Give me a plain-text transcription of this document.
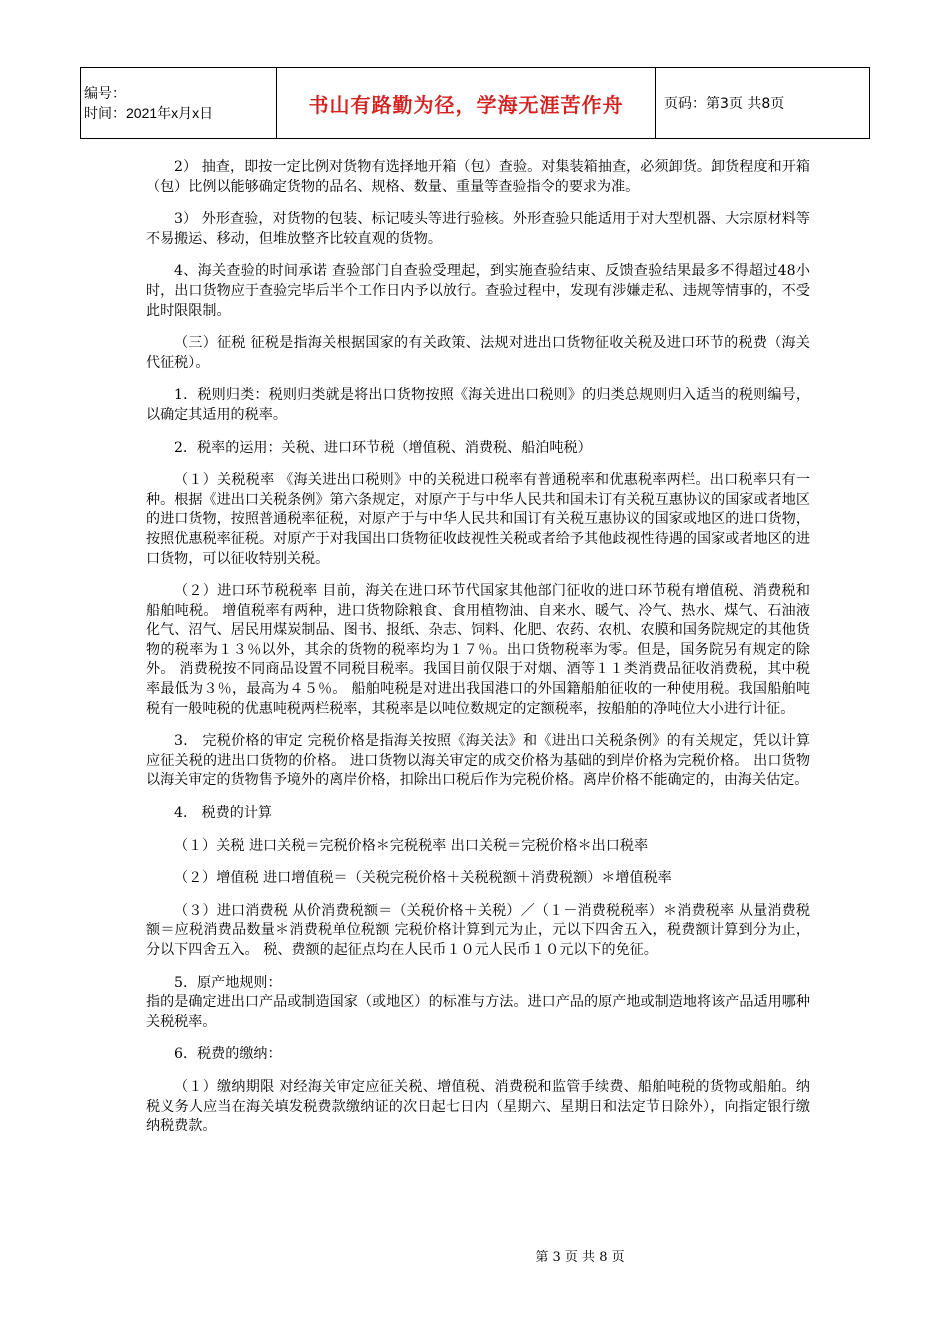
编号：
时间：2021年x月x日	书山有路勤为径，学海无涯苦作舟	页码：第3页 共8页

2） 抽查，即按一定比例对货物有选择地开箱（包）查验。对集装箱抽查，必须卸货。卸货程度和开箱（包）比例以能够确定货物的品名、规格、数量、重量等查验指令的要求为准。

3） 外形查验，对货物的包装、标记唛头等进行验核。外形查验只能适用于对大型机器、大宗原材料等不易搬运、移动，但堆放整齐比较直观的货物。

4、海关查验的时间承诺 查验部门自查验受理起，到实施查验结束、反馈查验结果最多不得超过48小时，出口货物应于查验完毕后半个工作日内予以放行。查验过程中，发现有涉嫌走私、违规等情事的，不受此时限限制。

（三）征税 征税是指海关根据国家的有关政策、法规对进出口货物征收关税及进口环节的税费（海关代征税）。

1．税则归类：税则归类就是将出口货物按照《海关进出口税则》的归类总规则归入适当的税则编号，以确定其适用的税率。

2．税率的运用：关税、进口环节税（增值税、消费税、船泊吨税）

（１）关税税率 《海关进出口税则》中的关税进口税率有普通税率和优惠税率两栏。出口税率只有一种。根据《进出口关税条例》第六条规定，对原产于与中华人民共和国未订有关税互惠协议的国家或者地区的进口货物，按照普通税率征税，对原产于与中华人民共和国订有关税互惠协议的国家或地区的进口货物，按照优惠税率征税。对原产于对我国出口货物征收歧视性关税或者给予其他歧视性待遇的国家或者地区的进口货物，可以征收特别关税。

（２）进口环节税税率 目前，海关在进口环节代国家其他部门征收的进口环节税有增值税、消费税和船舶吨税。 增值税率有两种，进口货物除粮食、食用植物油、自来水、暖气、冷气、热水、煤气、石油液化气、沼气、居民用煤炭制品、图书、报纸、杂志、饲料、化肥、农药、农机、农膜和国务院规定的其他货物的税率为１３％以外，其余的货物的税率均为１７％。出口货物税率为零。但是，国务院另有规定的除外。 消费税按不同商品设置不同税目税率。我国目前仅限于对烟、酒等１１类消费品征收消费税，其中税率最低为３％，最高为４５％。 船舶吨税是对进出我国港口的外国籍船舶征收的一种使用税。我国船舶吨税有一般吨税的优惠吨税两栏税率，其税率是以吨位数规定的定额税率，按船舶的净吨位大小进行计征。

3． 完税价格的审定 完税价格是指海关按照《海关法》和《进出口关税条例》的有关规定，凭以计算应征关税的进出口货物的价格。 进口货物以海关审定的成交价格为基础的到岸价格为完税价格。 出口货物以海关审定的货物售予境外的离岸价格，扣除出口税后作为完税价格。离岸价格不能确定的，由海关估定。

4． 税费的计算

（１）关税 进口关税＝完税价格＊完税税率 出口关税＝完税价格＊出口税率

（２）增值税 进口增值税＝（关税完税价格＋关税税额＋消费税额）＊增值税率

（３）进口消费税 从价消费税额＝（关税价格＋关税）／（１－消费税税率）＊消费税率 从量消费税额＝应税消费品数量＊消费税单位税额 完税价格计算到元为止，元以下四舍五入，税费额计算到分为止，分以下四舍五入。 税、费额的起征点均在人民币１０元人民币１０元以下的免征。

5．原产地规则：

指的是确定进出口产品或制造国家（或地区）的标准与方法。进口产品的原产地或制造地将该产品适用哪种关税税率。

6．税费的缴纳：

（１）缴纳期限 对经海关审定应征关税、增值税、消费税和监管手续费、船舶吨税的货物或船舶。纳税义务人应当在海关填发税费款缴纳证的次日起七日内（星期六、星期日和法定节日除外），向指定银行缴纳税费款。

第 3 页 共 8 页
